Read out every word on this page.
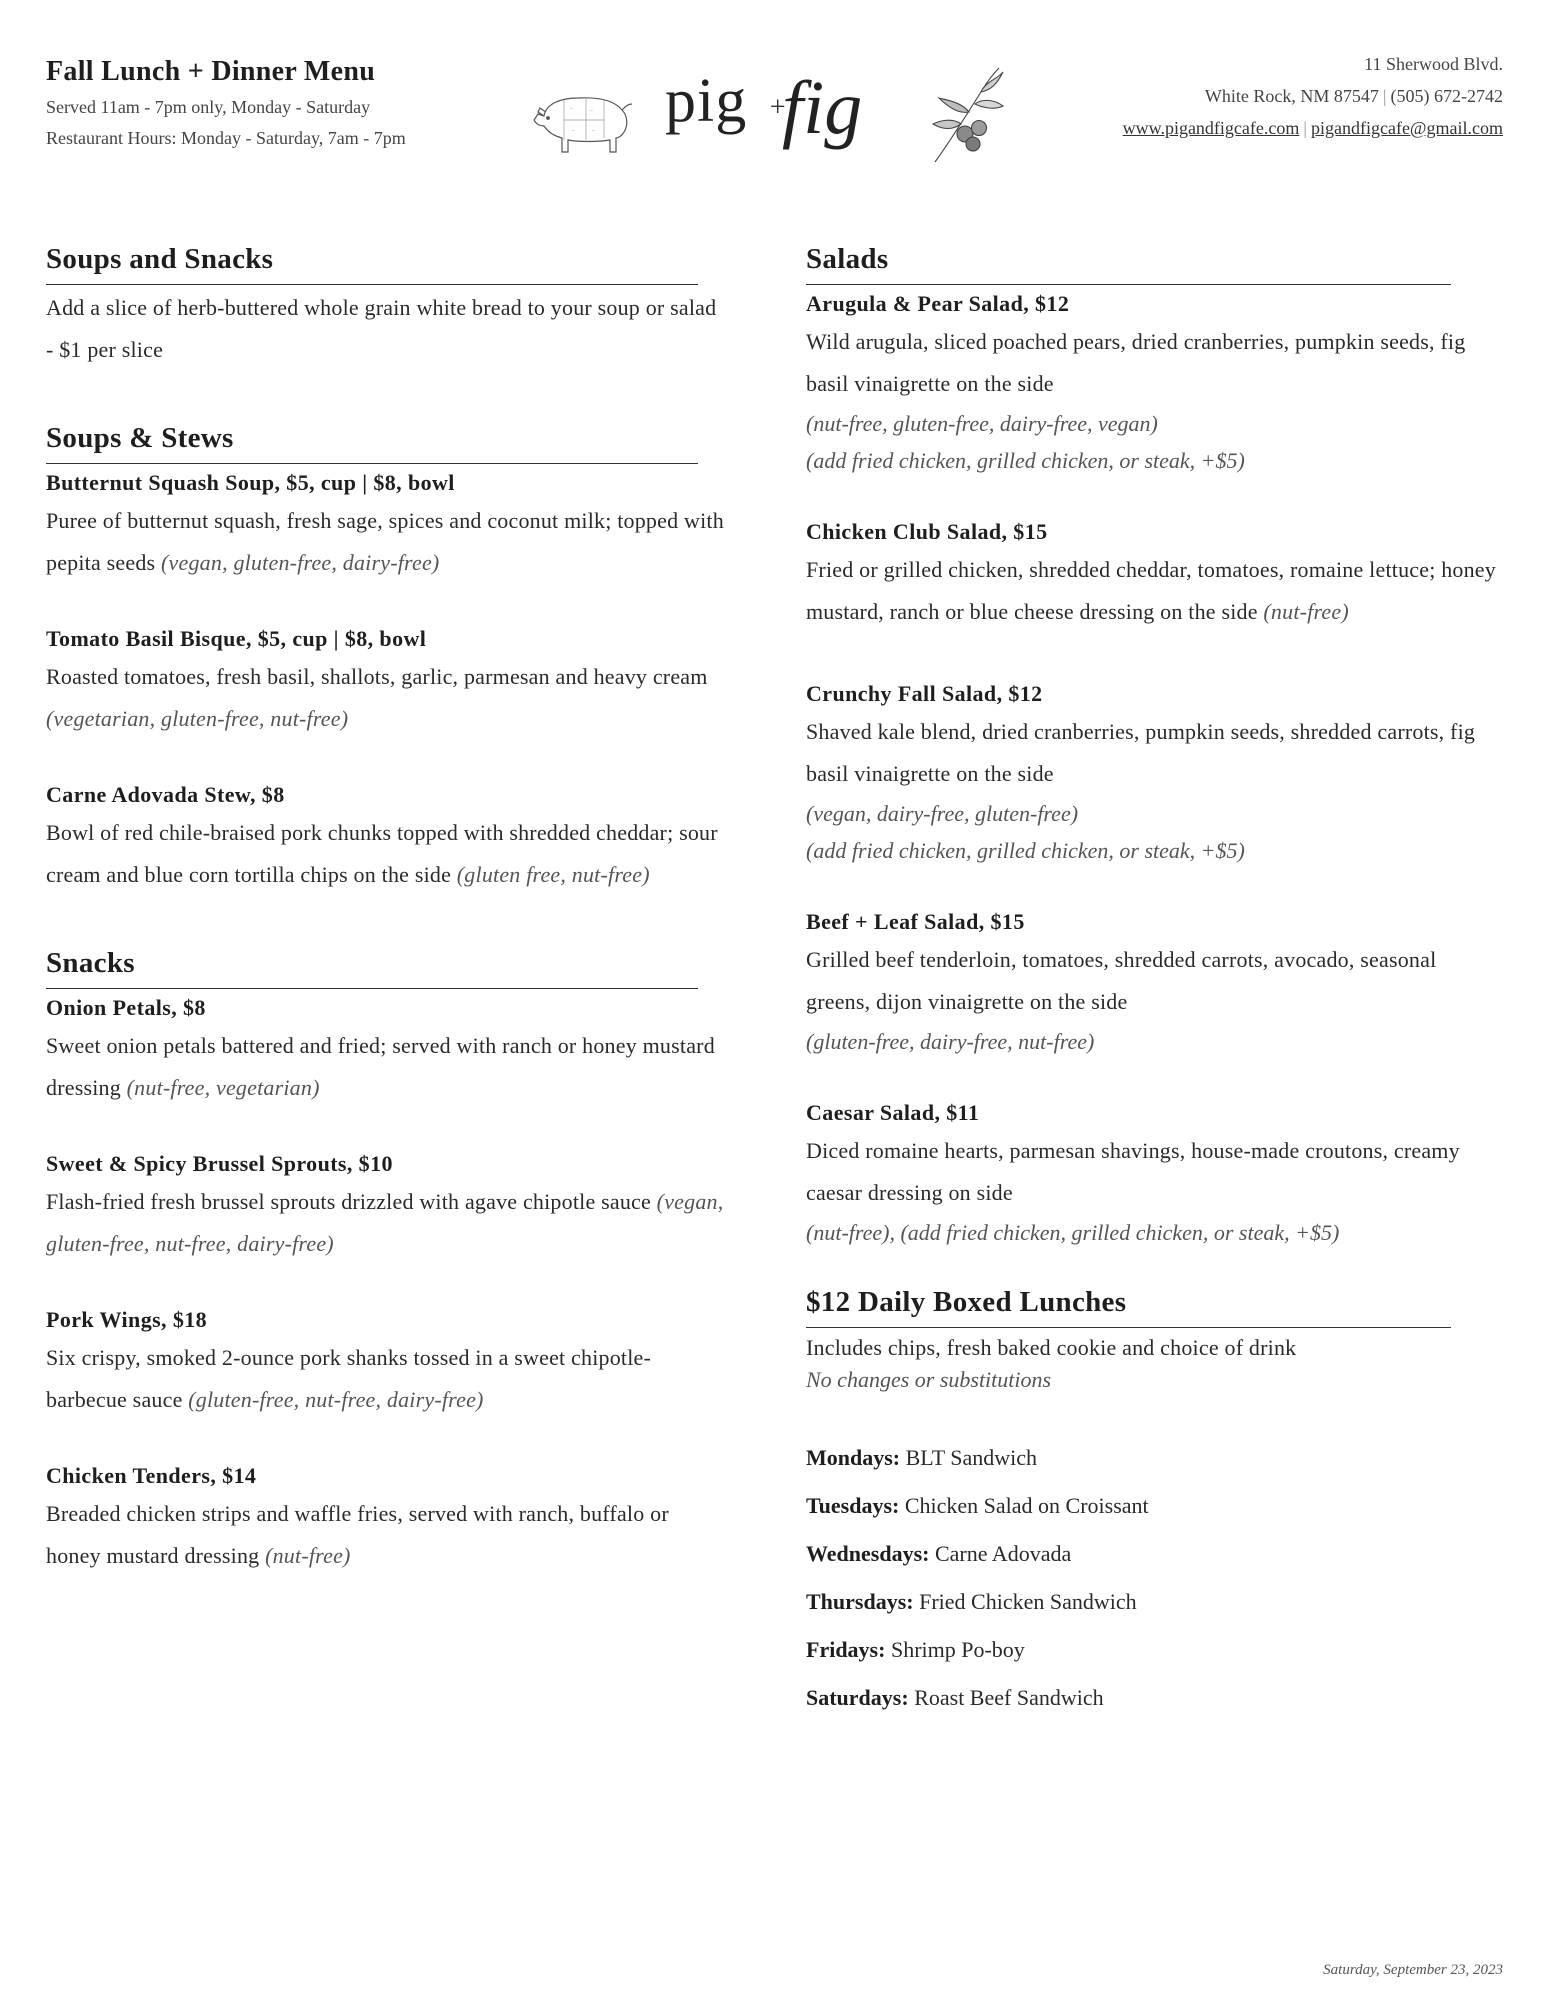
Fall Lunch + Dinner Menu
Served 11am - 7pm only, Monday - Saturday
Restaurant Hours: Monday - Saturday, 7am - 7pm
~	~
~	~ pig +
fig
11 Sherwood Blvd.
White Rock, NM 87547 | (505) 672-2742
www.pigandfigcafe.com | pigandfigcafe@gmail.com
Soups and Snacks
Add a slice of herb-buttered whole grain white bread to your soup or salad - $1 per slice
Soups & Stews
Butternut Squash Soup, $5, cup | $8, bowl
Puree of butternut squash, fresh sage, spices and coconut milk; topped with pepita seeds (vegan, gluten-free, dairy-free)
Tomato Basil Bisque, $5, cup | $8, bowl
Roasted tomatoes, fresh basil, shallots, garlic, parmesan and heavy cream (vegetarian, gluten-free, nut-free)
Carne Adovada Stew, $8
Bowl of red chile-braised pork chunks topped with shredded cheddar; sour cream and blue corn tortilla chips on the side (gluten free, nut-free)
Snacks
Onion Petals, $8
Sweet onion petals battered and fried; served with ranch or honey mustard dressing (nut-free, vegetarian)
Sweet & Spicy Brussel Sprouts, $10
Flash-fried fresh brussel sprouts drizzled with agave chipotle sauce (vegan, gluten-free, nut-free, dairy-free)
Pork Wings, $18
Six crispy, smoked 2-ounce pork shanks tossed in a sweet chipotle-barbecue sauce (gluten-free, nut-free, dairy-free)
Chicken Tenders, $14
Breaded chicken strips and waffle fries, served with ranch, buffalo or honey mustard dressing (nut-free)
Salads
Arugula & Pear Salad, $12
Wild arugula, sliced poached pears, dried cranberries, pumpkin seeds, fig basil vinaigrette on the side
(nut-free, gluten-free, dairy-free, vegan)
(add fried chicken, grilled chicken, or steak, +$5)
Chicken Club Salad, $15
Fried or grilled chicken, shredded cheddar, tomatoes, romaine lettuce; honey mustard, ranch or blue cheese dressing on the side (nut-free)
Crunchy Fall Salad, $12
Shaved kale blend, dried cranberries, pumpkin seeds, shredded carrots, fig basil vinaigrette on the side
(vegan, dairy-free, gluten-free)
(add fried chicken, grilled chicken, or steak, +$5)
Beef + Leaf Salad, $15
Grilled beef tenderloin, tomatoes, shredded carrots, avocado, seasonal greens, dijon vinaigrette on the side
(gluten-free, dairy-free, nut-free)
Caesar Salad, $11
Diced romaine hearts, parmesan shavings, house-made croutons, creamy caesar dressing on side
(nut-free), (add fried chicken, grilled chicken, or steak, +$5)
$12 Daily Boxed Lunches
Includes chips, fresh baked cookie and choice of drink
No changes or substitutions
Mondays: BLT Sandwich
Tuesdays: Chicken Salad on Croissant
Wednesdays: Carne Adovada
Thursdays: Fried Chicken Sandwich
Fridays: Shrimp Po-boy
Saturdays: Roast Beef Sandwich
Saturday, September 23, 2023
